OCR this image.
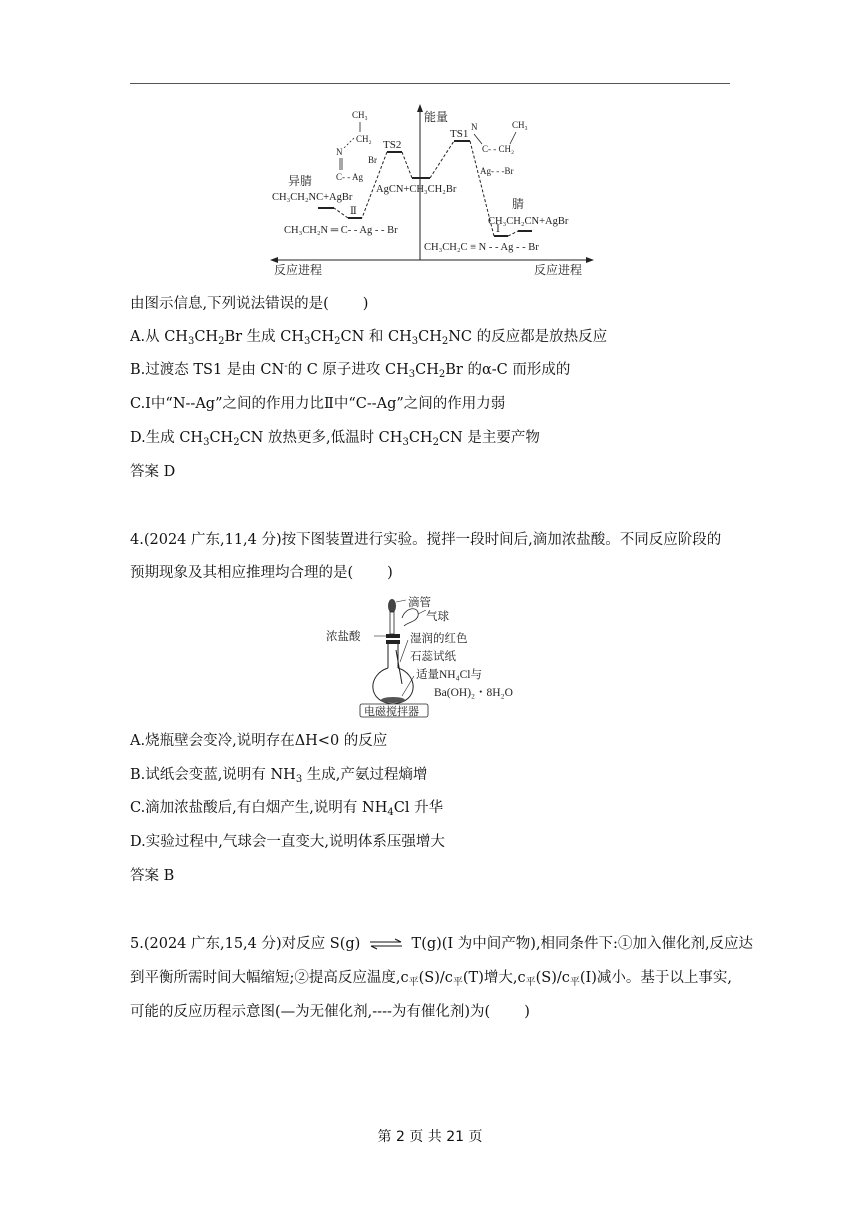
能量
反应进程	反应进程
TS2
TS1
CH₃
CH₂
N
Br
C- - Ag
N	CH₃
C- - CH₂
Ag- - -Br
异腈
CH₃CH₂NC+AgBr
AgCN+CH₃CH₂Br
Ⅱ
CH₃CH₂N ═ C- - Ag - - Br
腈
CH₃CH₂CN+AgBr
Ⅰ
CH₃CH₂C ≡ N - - Ag - - Br
由图示信息,下列说法错误的是( )
A.从 $CH_3CH_2Br$ 生成 $CH_3CH_2CN$ 和 $CH_3CH_2NC$ 的反应都是放热反应
B.过渡态 TS1 是由 CN-的 C 原子进攻 $CH_3CH_2Br$ 的α-C 而形成的
C.Ⅰ中“N--Ag”之间的作用力比Ⅱ中“C--Ag”之间的作用力弱
D.生成 $CH_3CH_2CN$ 放热更多,低温时 $CH_3CH_2CN$ 是主要产物
答案 D
4.(2024 广东,11,4 分)按下图装置进行实验。搅拌一段时间后,滴加浓盐酸。不同反应阶段的
预期现象及其相应推理均合理的是( )
滴管
气球
浓盐酸	湿润的红色
石蕊试纸
适量NH₄Cl与
Ba(OH)₂・8H₂O
电磁搅拌器
A.烧瓶壁会变冷,说明存在ΔH<0 的反应
B.试纸会变蓝,说明有 $NH_3$ 生成,产氨过程熵增
C.滴加浓盐酸后,有白烟产生,说明有 $NH_4Cl$ 升华
D.实验过程中,气球会一直变大,说明体系压强增大
答案 B
5.(2024 广东,15,4 分)对反应 S(g) ⇌ T(g)(I 为中间产物),相同条件下:①加入催化剂,反应达
到平衡所需时间大幅缩短;②提高反应温度$,c_平(S)/c_平(T)$增大$,c_平(S)/c_平(I)$减小。基于以上事实,
可能的反应历程示意图(—为无催化剂,----为有催化剂)为( )
第 2 页 共 21 页
